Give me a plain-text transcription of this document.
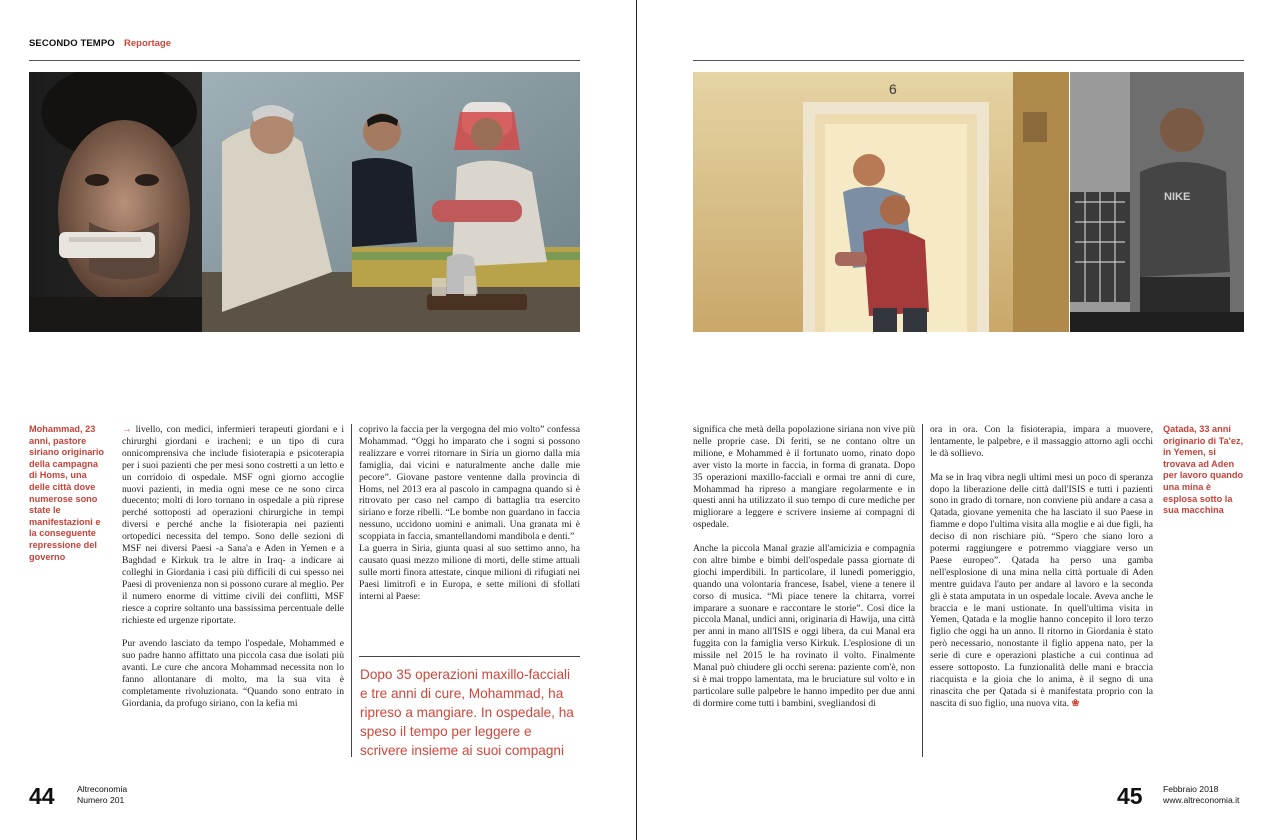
SECONDO TEMPO Reportage
6
NIKE
Mohammad, 23 anni, pastore siriano originario della campagna di Homs, una delle città dove numerose sono state le manifestazioni e la conseguente repressione del governo
Qatada, 33 anni originario di Ta'ez, in Yemen, si trovava ad Aden per lavoro quando una mina è esplosa sotto la sua macchina

→ livello, con medici, infermieri terapeuti giordani e i chirurghi giordani e iracheni; e un tipo di cura onnicomprensiva che include fisioterapia e psicoterapia per i suoi pazienti che per mesi sono costretti a un letto e un corridoio di ospedale. MSF ogni giorno accoglie nuovi pazienti, in media ogni mese ce ne sono circa duecento; molti di loro tornano in ospedale a più riprese perché sottoposti ad operazioni chirurgiche in tempi diversi e perché anche la fisioterapia nei pazienti ortopedici necessita del tempo. Sono delle sezioni di MSF nei diversi Paesi -a Sana'a e Aden in Yemen e a Baghdad e Kirkuk tra le altre in Iraq- a indicare ai colleghi in Giordania i casi più difficili di cui spesso nei Paesi di provenienza non si possono curare al meglio. Per il numero enorme di vittime civili dei conflitti, MSF riesce a coprire soltanto una bassissima percentuale delle richieste ed urgenze riportate.

Pur avendo lasciato da tempo l'ospedale, Mohammed e suo padre hanno affittato una piccola casa due isolati più avanti. Le cure che ancora Mohammad necessita non lo fanno allontanare di molto, ma la sua vita è completamente rivoluzionata. “Quando sono entrato in Giordania, da profugo siriano, con la kefia mi

coprivo la faccia per la vergogna del mio volto” confessa Mohammad. “Oggi ho imparato che i sogni si possono realizzare e vorrei ritornare in Siria un giorno dalla mia famiglia, dai vicini e naturalmente anche dalle mie pecore”. Giovane pastore ventenne dalla provincia di Homs, nel 2013 era al pascolo in campagna quando si è ritrovato per caso nel campo di battaglia tra esercito siriano e forze ribelli. “Le bombe non guardano in faccia nessuno, uccidono uomini e animali. Una granata mi è scoppiata in faccia, smantellandomi mandibola e denti.”

La guerra in Siria, giunta quasi al suo settimo anno, ha causato quasi mezzo milione di morti, delle stime attuali sulle morti finora attestate, cinque milioni di rifugiati nei Paesi limitrofi e in Europa, e sette milioni di sfollati interni al Paese:

Dopo 35 operazioni maxillo-facciali e tre anni di cure, Mohammad, ha ripreso a mangiare. In ospedale, ha speso il tempo per leggere e scrivere insieme ai suoi compagni

significa che metà della popolazione siriana non vive più nelle proprie case. Di feriti, se ne contano oltre un milione, e Mohammed è il fortunato uomo, rinato dopo aver visto la morte in faccia, in forma di granata. Dopo 35 operazioni maxillo-facciali e ormai tre anni di cure, Mohammad ha ripreso a mangiare regolarmente e in questi anni ha utilizzato il suo tempo di cure mediche per migliorare a leggere e scrivere insieme ai compagni di ospedale.

Anche la piccola Manal grazie all'amicizia e compagnia con altre bimbe e bimbi dell'ospedale passa giornate di giochi imperdibili. In particolare, il lunedì pomeriggio, quando una volontaria francese, Isabel, viene a tenere il corso di musica. “Mi piace tenere la chitarra, vorrei imparare a suonare e raccontare le storie”. Così dice la piccola Manal, undici anni, originaria di Hawija, una città per anni in mano all'ISIS e oggi libera, da cui Manal era fuggita con la famiglia verso Kirkuk. L'esplosione di un missile nel 2015 le ha rovinato il volto. Finalmente Manal può chiudere gli occhi serena: paziente com'è, non si è mai troppo lamentata, ma le bruciature sul volto e in particolare sulle palpebre le hanno impedito per due anni di dormire come tutti i bambini, svegliandosi di

ora in ora. Con la fisioterapia, impara a muovere, lentamente, le palpebre, e il massaggio attorno agli occhi le dà sollievo.

Ma se in Iraq vibra negli ultimi mesi un poco di speranza dopo la liberazione delle città dall'ISIS e tutti i pazienti sono in grado di tornare, non conviene più andare a casa a Qatada, giovane yemenita che ha lasciato il suo Paese in fiamme e dopo l'ultima visita alla moglie e ai due figli, ha deciso di non rischiare più. “Spero che siano loro a potermi raggiungere e potremmo viaggiare verso un Paese europeo”. Qatada ha perso una gamba nell'esplosione di una mina nella città portuale di Aden mentre guidava l'auto per andare al lavoro e la seconda gli è stata amputata in un ospedale locale. Aveva anche le braccia e le mani ustionate. In quell'ultima visita in Yemen, Qatada e la moglie hanno concepito il loro terzo figlio che oggi ha un anno. Il ritorno in Giordania è stato però necessario, nonostante il figlio appena nato, per la serie di cure e operazioni plastiche a cui continua ad essere sottoposto. La funzionalità delle mani e braccia riacquista e la gioia che lo anima, è il segno di una rinascita che per Qatada si è manifestata proprio con la nascita di suo figlio, una nuova vita. ❀

44	Altreconomia
Numero 201	45 Febbraio 2018
www.altreconomia.it
